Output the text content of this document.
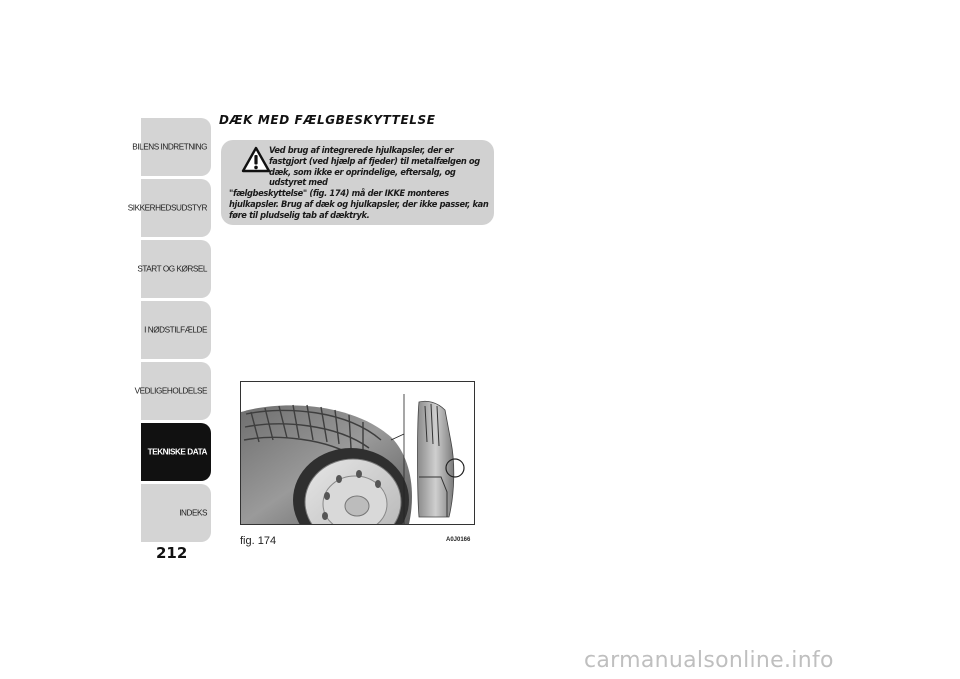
BILENS INDRETNING
SIKKERHEDSUDSTYR
START OG KØRSEL
I NØDSTILFÆLDE
VEDLIGEHOLDELSE
TEKNISKE DATA
INDEKS
212
DÆK MED FÆLGBESKYTTELSE
Ved brug af integrerede hjulkapsler, der er fastgjort (ved hjælp af fjeder) til metalfælgen og dæk, som ikke er oprindelige, eftersalg, og udstyret med
"fælgbeskyttelse" (fig. 174) må der IKKE monteres hjulkapsler. Brug af dæk og hjulkapsler, der ikke passer, kan føre til pludselig tab af dæktryk.
fig. 174	A0J0166
carmanualsonline.info
